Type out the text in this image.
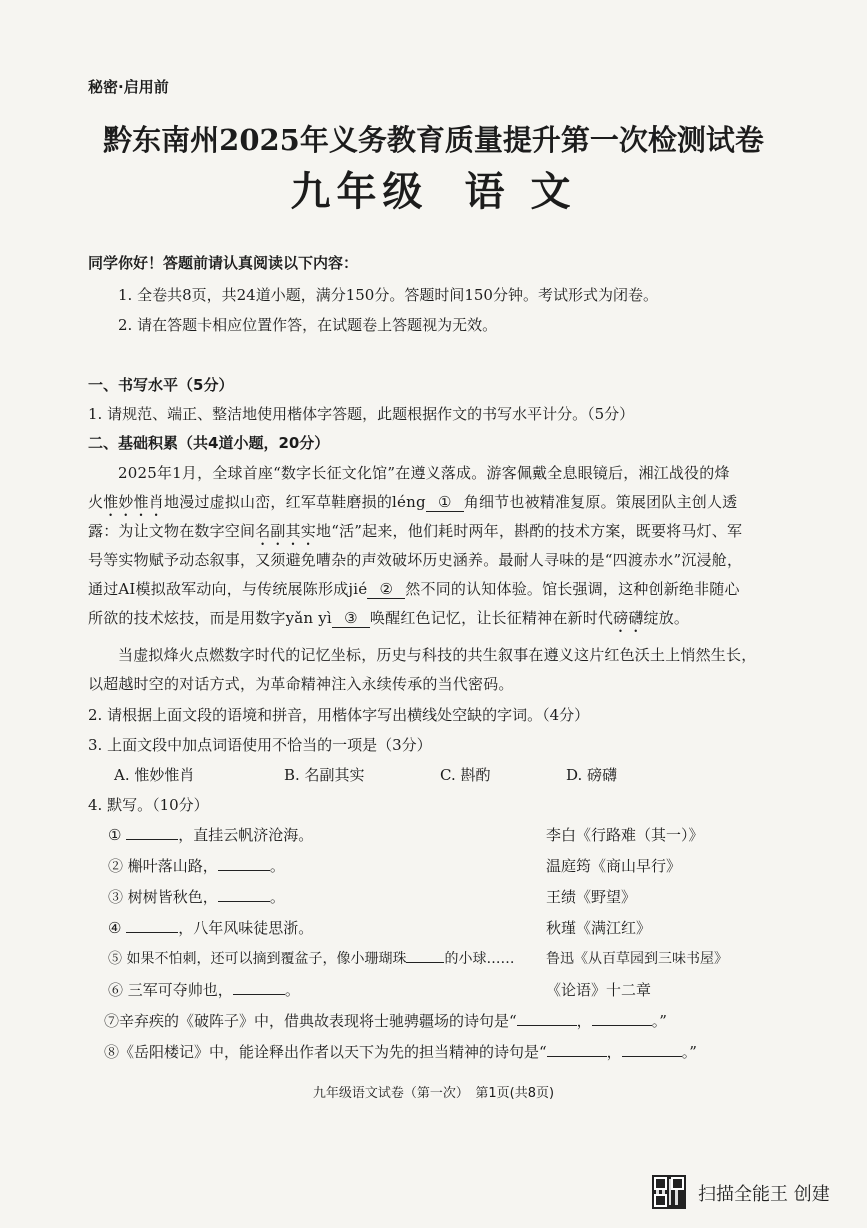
秘密·启用前
黔东南州2025年义务教育质量提升第一次检测试卷
九年级 语 文
同学你好！答题前请认真阅读以下内容：
1. 全卷共8页，共24道小题，满分150分。答题时间150分钟。考试形式为闭卷。
2. 请在答题卡相应位置作答，在试题卷上答题视为无效。
一、书写水平（5分）
1. 请规范、端正、整洁地使用楷体字答题，此题根据作文的书写水平计分。（5分）
二、基础积累（共4道小题，20分）
2025年1月，全球首座“数字长征文化馆”在遵义落成。游客佩戴全息眼镜后，湘江战役的烽
火惟妙惟肖地漫过虚拟山峦，红军草鞋磨损的léng ① 角细节也被精准复原。策展团队主创人透
露：为让文物在数字空间名副其实地“活”起来，他们耗时两年，斟酌的技术方案，既要将马灯、军
号等实物赋予动态叙事，又须避免嘈杂的声效破坏历史涵养。最耐人寻味的是“四渡赤水”沉浸舱，
通过AI模拟敌军动向，与传统展陈形成jié ② 然不同的认知体验。馆长强调，这种创新绝非随心
所欲的技术炫技，而是用数字yǎn yì ③ 唤醒红色记忆，让长征精神在新时代磅礴绽放。
当虚拟烽火点燃数字时代的记忆坐标，历史与科技的共生叙事在遵义这片红色沃土上悄然生长，
以超越时空的对话方式，为革命精神注入永续传承的当代密码。
2. 请根据上面文段的语境和拼音，用楷体字写出横线处空缺的字词。（4分）
3. 上面文段中加点词语使用不恰当的一项是（3分）
A. 惟妙惟肖	B. 名副其实	C. 斟酌	D. 磅礴
4. 默写。（10分）
①	，直挂云帆济沧海。	李白《行路难（其一）》
② 槲叶落山路，	。	温庭筠《商山早行》
③ 树树皆秋色，	。	王绩《野望》
④	，八年风味徒思浙。	秋瑾《满江红》
⑤ 如果不怕刺，还可以摘到覆盆子，像小珊瑚珠	的小球…… 鲁迅《从百草园到三味书屋》
⑥ 三军可夺帅也，	。	《论语》十二章
⑦辛弃疾的《破阵子》中，借典故表现将士驰骋疆场的诗句是“	，	。”
⑧《岳阳楼记》中，能诠释出作者以天下为先的担当精神的诗句是“	，	。”
九年级语文试卷（第一次）　第1页(共8页)
扫描全能王 创建
